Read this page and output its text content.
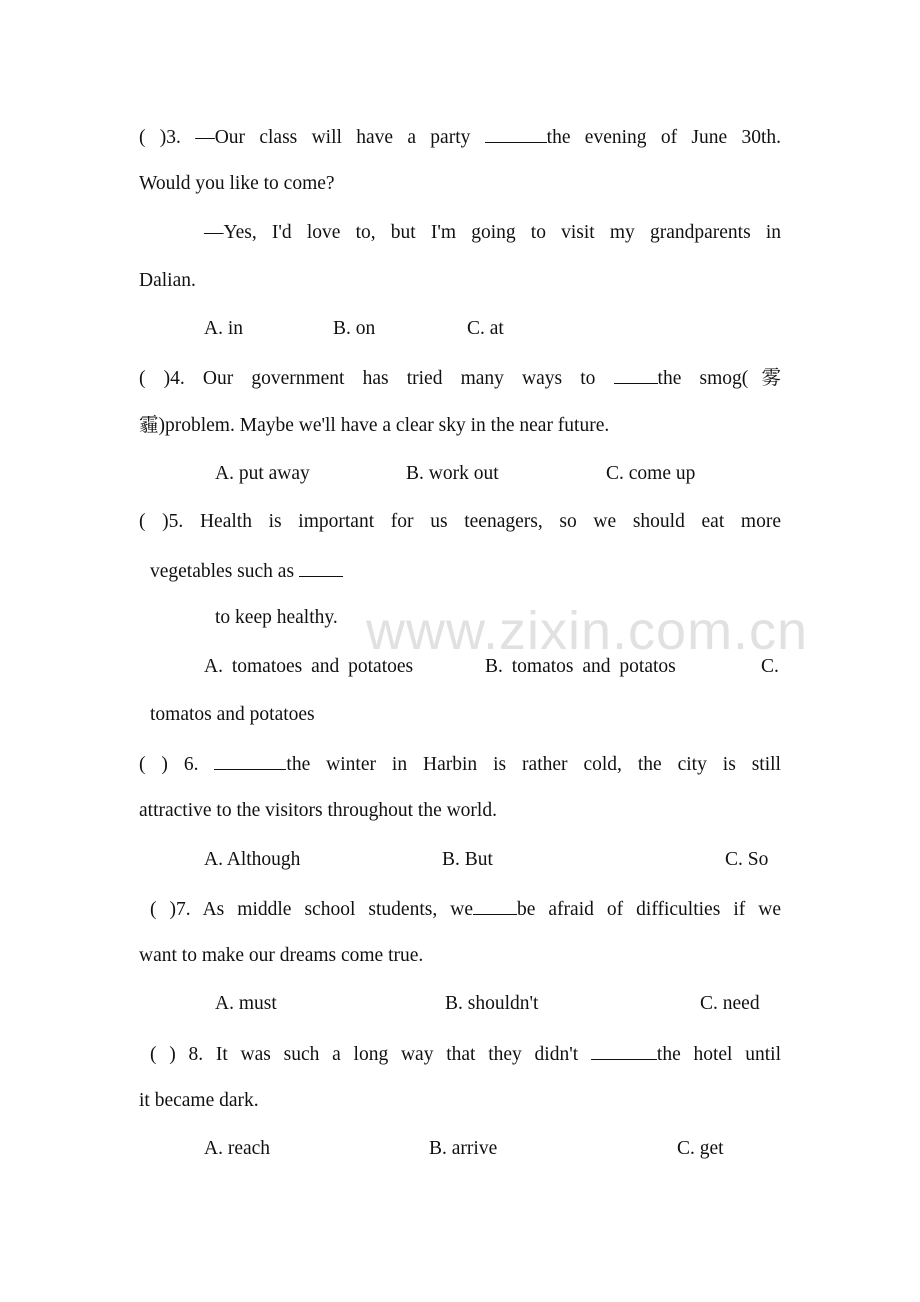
www.zixin.com.cn
( )3. —Our class will have a party	the evening of June 30th.
Would you like to come?
—Yes, I'd love to, but I'm going to visit my grandparents in
Dalian.
A. in	B. on	C. at
( )4. Our government has tried many ways to the smog(雾
霾)problem. Maybe we'll have a clear sky in the near future.
A. put away	B. work out	C. come up
( )5. Health is important for us teenagers, so we should eat more
vegetables such as
to keep healthy.
A. tomatoes and potatoes	B. tomatos and potatos	C.
tomatos and potatoes
( ) 6.	the winter in Harbin is rather cold, the city is still
attractive to the visitors throughout the world.
A. Although	B. But	C. So
( )7. As middle school students, we be afraid of difficulties if we
want to make our dreams come true.
A. must	B. shouldn't	C. need
( ) 8. It was such a long way that they didn't	the hotel until
it became dark.
A. reach	B. arrive	C. get
